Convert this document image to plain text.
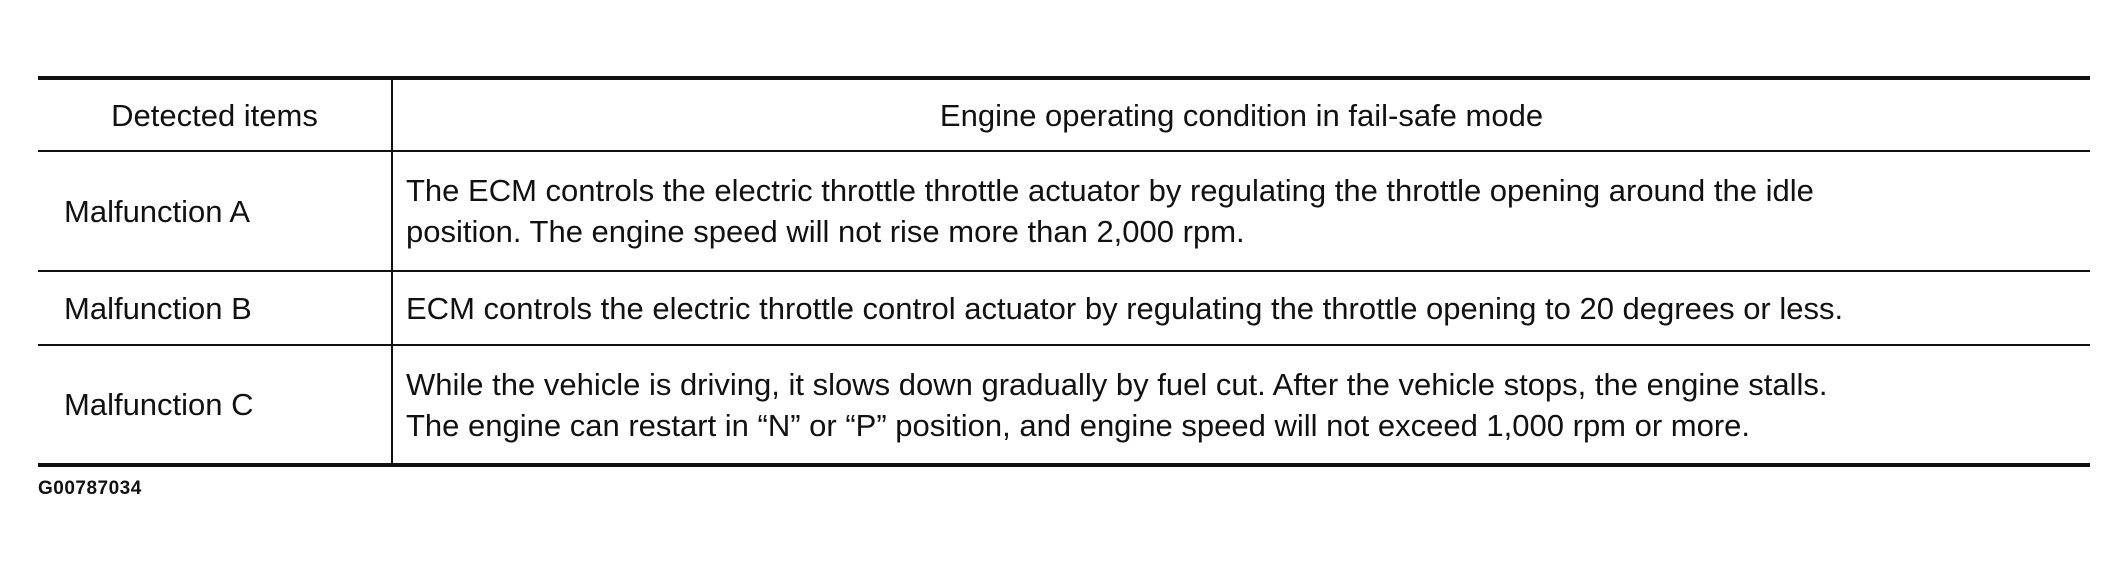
Detected items	Engine operating condition in fail-safe mode
Malfunction A	The ECM controls the electric throttle throttle actuator by regulating the throttle opening around the idle
position. The engine speed will not rise more than 2,000 rpm.

Malfunction B	ECM controls the electric throttle control actuator by regulating the throttle opening to 20 degrees or less.

Malfunction C	While the vehicle is driving, it slows down gradually by fuel cut. After the vehicle stops, the engine stalls.
The engine can restart in “N” or “P” position, and engine speed will not exceed 1,000 rpm or more.
G00787034
